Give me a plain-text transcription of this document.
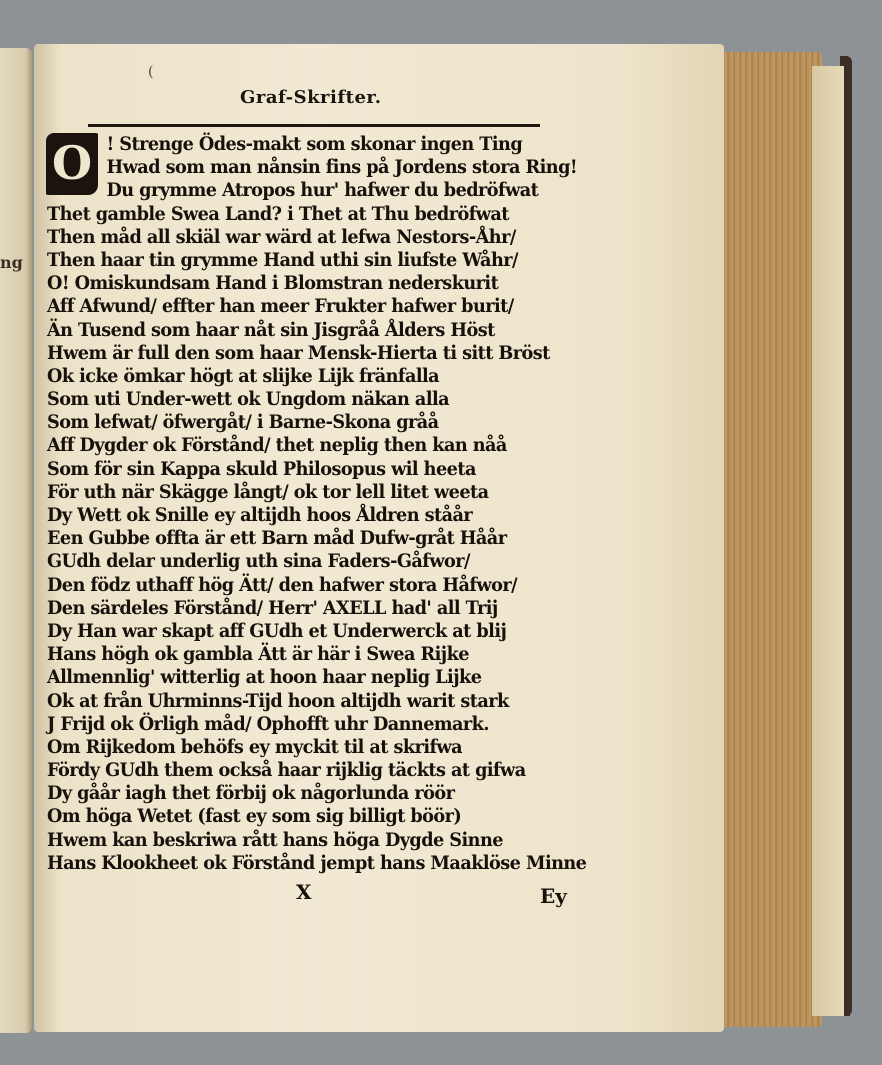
ng
(
Graf-Skrifter.
O ! Strenge Ödes-makt som skonar ingen Ting
Hwad som man nånsin fins på Jordens stora Ring!
Du grymme Atropos hur' hafwer du bedröfwat
Thet gamble Swea Land? i Thet at Thu bedröfwat
Then måd all skiäl war wärd at lefwa Nestors-Åhr/
Then haar tin grymme Hand uthi sin liufste Wåhr/
O! Omiskundsam Hand i Blomstran nederskurit
Aff Afwund/ effter han meer Frukter hafwer burit/
Än Tusend som haar nåt sin Jisgråå Ålders Höst
Hwem är full den som haar Mensk-Hierta ti sitt Bröst
Ok icke ömkar högt at slijke Lijk fränfalla
Som uti Under-wett ok Ungdom näkan alla
Som lefwat/ öfwergåt/ i Barne-Skona gråå
Aff Dygder ok Förstånd/ thet neplig then kan nåå
Som för sin Kappa skuld Philosopus wil heeta
För uth när Skägge långt/ ok tor lell litet weeta
Dy Wett ok Snille ey altijdh hoos Åldren ståår
Een Gubbe offta är ett Barn måd Dufw-gråt Håår
GUdh delar underlig uth sina Faders-Gåfwor/
Den födz uthaff hög Ätt/ den hafwer stora Håfwor/
Den särdeles Förstånd/ Herr' AXELL had' all Trij
Dy Han war skapt aff GUdh et Underwerck at blij
Hans högh ok gambla Ätt är här i Swea Rijke
Allmennlig' witterlig at hoon haar neplig Lijke
Ok at från Uhrminns-Tijd hoon altijdh warit stark
J Frijd ok Örligh måd/ Ophofft uhr Dannemark.
Om Rijkedom behöfs ey myckit til at skrifwa
Fördy GUdh them också haar rijklig täckts at gifwa
Dy gåår iagh thet förbij ok någorlunda röör
Om höga Wetet (fast ey som sig billigt böör)
Hwem kan beskriwa rått hans höga Dygde Sinne
Hans Klookheet ok Förstånd jempt hans Maaklöse Minne
X	Ey
